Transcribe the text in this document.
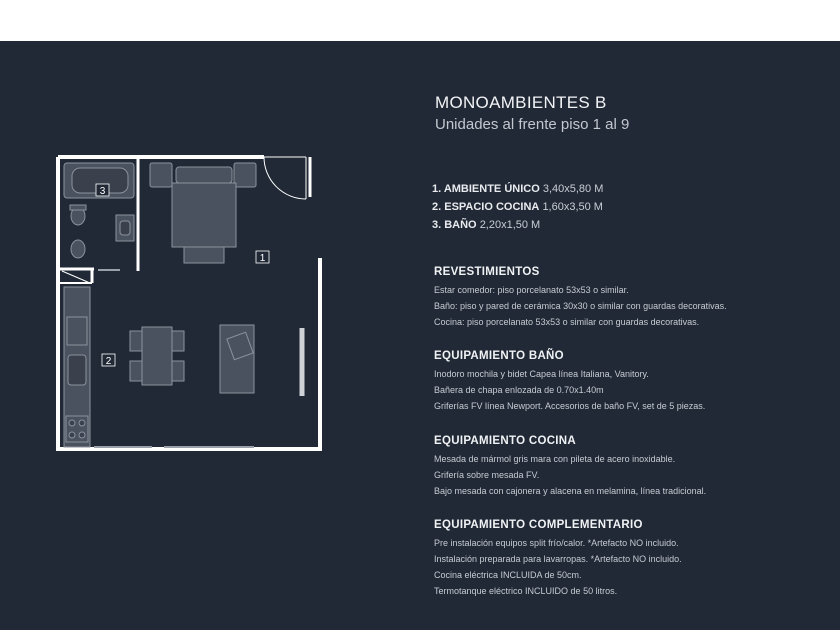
3
1
2
MONOAMBIENTES B
Unidades al frente piso 1 al 9
1. AMBIENTE ÚNICO 3,40x5,80 M
2. ESPACIO COCINA 1,60x3,50 M
3. BAÑO 2,20x1,50 M
REVESTIMIENTOS

Estar comedor: piso porcelanato 53x53 o similar.

Baño: piso y pared de cerámica 30x30 o similar con guardas decorativas.

Cocina: piso porcelanato 53x53 o similar con guardas decorativas.

EQUIPAMIENTO BAÑO

Inodoro mochila y bidet Capea línea Italiana, Vanitory.

Bañera de chapa enlozada de 0.70x1.40m

Griferías FV línea Newport. Accesorios de baño FV, set de 5 piezas.

EQUIPAMIENTO COCINA

Mesada de mármol gris mara con pileta de acero inoxidable.

Grifería sobre mesada FV.

Bajo mesada con cajonera y alacena en melamina, línea tradicional.

EQUIPAMIENTO COMPLEMENTARIO

Pre instalación equipos split frío/calor. *Artefacto NO incluido.

Instalación preparada para lavarropas. *Artefacto NO incluido.

Cocina eléctrica INCLUIDA de 50cm.

Termotanque eléctrico INCLUIDO de 50 litros.
